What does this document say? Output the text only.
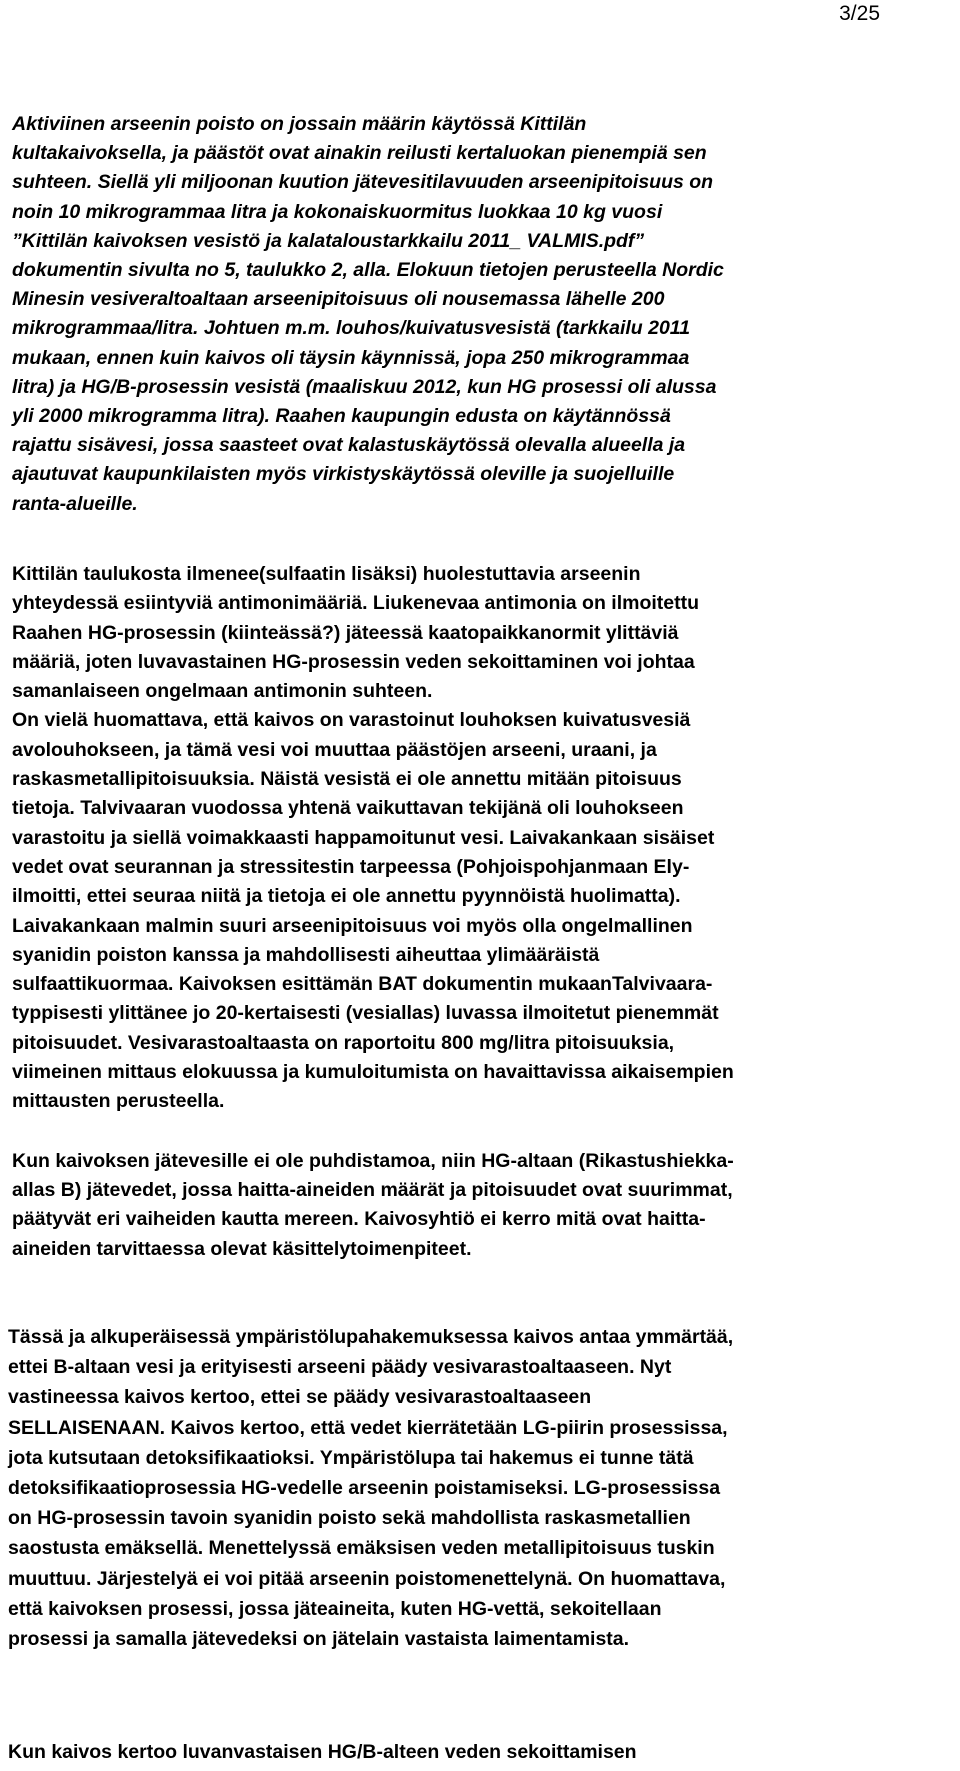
3/25
Aktiviinen arseenin poisto on jossain määrin käytössä Kittilän
kultakaivoksella, ja päästöt ovat ainakin reilusti kertaluokan pienempiä sen
suhteen. Siellä yli miljoonan kuution jätevesitilavuuden arseenipitoisuus on
noin 10 mikrogrammaa litra ja kokonaiskuormitus luokkaa 10 kg vuosi
”Kittilän kaivoksen vesistö ja kalataloustarkkailu 2011_ VALMIS.pdf”
dokumentin sivulta no 5, taulukko 2, alla. Elokuun tietojen perusteella Nordic
Minesin vesiveraltoaltaan arseenipitoisuus oli nousemassa lähelle 200
mikrogrammaa/litra. Johtuen m.m. louhos/kuivatusvesistä (tarkkailu 2011
mukaan, ennen kuin kaivos oli täysin käynnissä, jopa 250 mikrogrammaa
litra) ja HG/B-prosessin vesistä (maaliskuu 2012, kun HG prosessi oli alussa
yli 2000 mikrogramma litra). Raahen kaupungin edusta on käytännössä
rajattu sisävesi, jossa saasteet ovat kalastuskäytössä olevalla alueella ja
ajautuvat kaupunkilaisten myös virkistyskäytössä oleville ja suojelluille
ranta-alueille.
Kittilän taulukosta ilmenee(sulfaatin lisäksi) huolestuttavia arseenin
yhteydessä esiintyviä antimonimääriä. Liukenevaa antimonia on ilmoitettu
Raahen HG-prosessin (kiinteässä?) jäteessä kaatopaikkanormit ylittäviä
määriä, joten luvavastainen HG-prosessin veden sekoittaminen voi johtaa
samanlaiseen ongelmaan antimonin suhteen.
On vielä huomattava, että kaivos on varastoinut louhoksen kuivatusvesiä
avolouhokseen, ja tämä vesi voi muuttaa päästöjen arseeni, uraani, ja
raskasmetallipitoisuuksia. Näistä vesistä ei ole annettu mitään pitoisuus
tietoja. Talvivaaran vuodossa yhtenä vaikuttavan tekijänä oli louhokseen
varastoitu ja siellä voimakkaasti happamoitunut vesi. Laivakankaan sisäiset
vedet ovat seurannan ja stressitestin tarpeessa (Pohjoispohjanmaan Ely-
ilmoitti, ettei seuraa niitä ja tietoja ei ole annettu pyynnöistä huolimatta).
Laivakankaan malmin suuri arseenipitoisuus voi myös olla ongelmallinen
syanidin poiston kanssa ja mahdollisesti aiheuttaa ylimääräistä
sulfaattikuormaa. Kaivoksen esittämän BAT dokumentin mukaanTalvivaara-
typpisesti ylittänee jo 20-kertaisesti (vesiallas) luvassa ilmoitetut pienemmät
pitoisuudet. Vesivarastoaltaasta on raportoitu 800 mg/litra pitoisuuksia,
viimeinen mittaus elokuussa ja kumuloitumista on havaittavissa aikaisempien
mittausten perusteella.
Kun kaivoksen jätevesille ei ole puhdistamoa, niin HG-altaan (Rikastushiekka-
allas B) jätevedet, jossa haitta-aineiden määrät ja pitoisuudet ovat suurimmat,
päätyvät eri vaiheiden kautta mereen. Kaivosyhtiö ei kerro mitä ovat haitta-
aineiden tarvittaessa olevat käsittelytoimenpiteet.
Tässä ja alkuperäisessä ympäristölupahakemuksessa kaivos antaa ymmärtää,
ettei B-altaan vesi ja erityisesti arseeni päädy vesivarastoaltaaseen. Nyt
vastineessa kaivos kertoo, ettei se päädy vesivarastoaltaaseen
SELLAISENAAN. Kaivos kertoo, että vedet kierrätetään LG-piirin prosessissa,
jota kutsutaan detoksifikaatioksi. Ympäristölupa tai hakemus ei tunne tätä
detoksifikaatioprosessia HG-vedelle arseenin poistamiseksi. LG-prosessissa
on HG-prosessin tavoin syanidin poisto sekä mahdollista raskasmetallien
saostusta emäksellä. Menettelyssä emäksisen veden metallipitoisuus tuskin
muuttuu. Järjestelyä ei voi pitää arseenin poistomenettelynä. On huomattava,
että kaivoksen prosessi, jossa jäteaineita, kuten HG-vettä, sekoitellaan
prosessi ja samalla jätevedeksi on jätelain vastaista laimentamista.
Kun kaivos kertoo luvanvastaisen HG/B-alteen veden sekoittamisen
